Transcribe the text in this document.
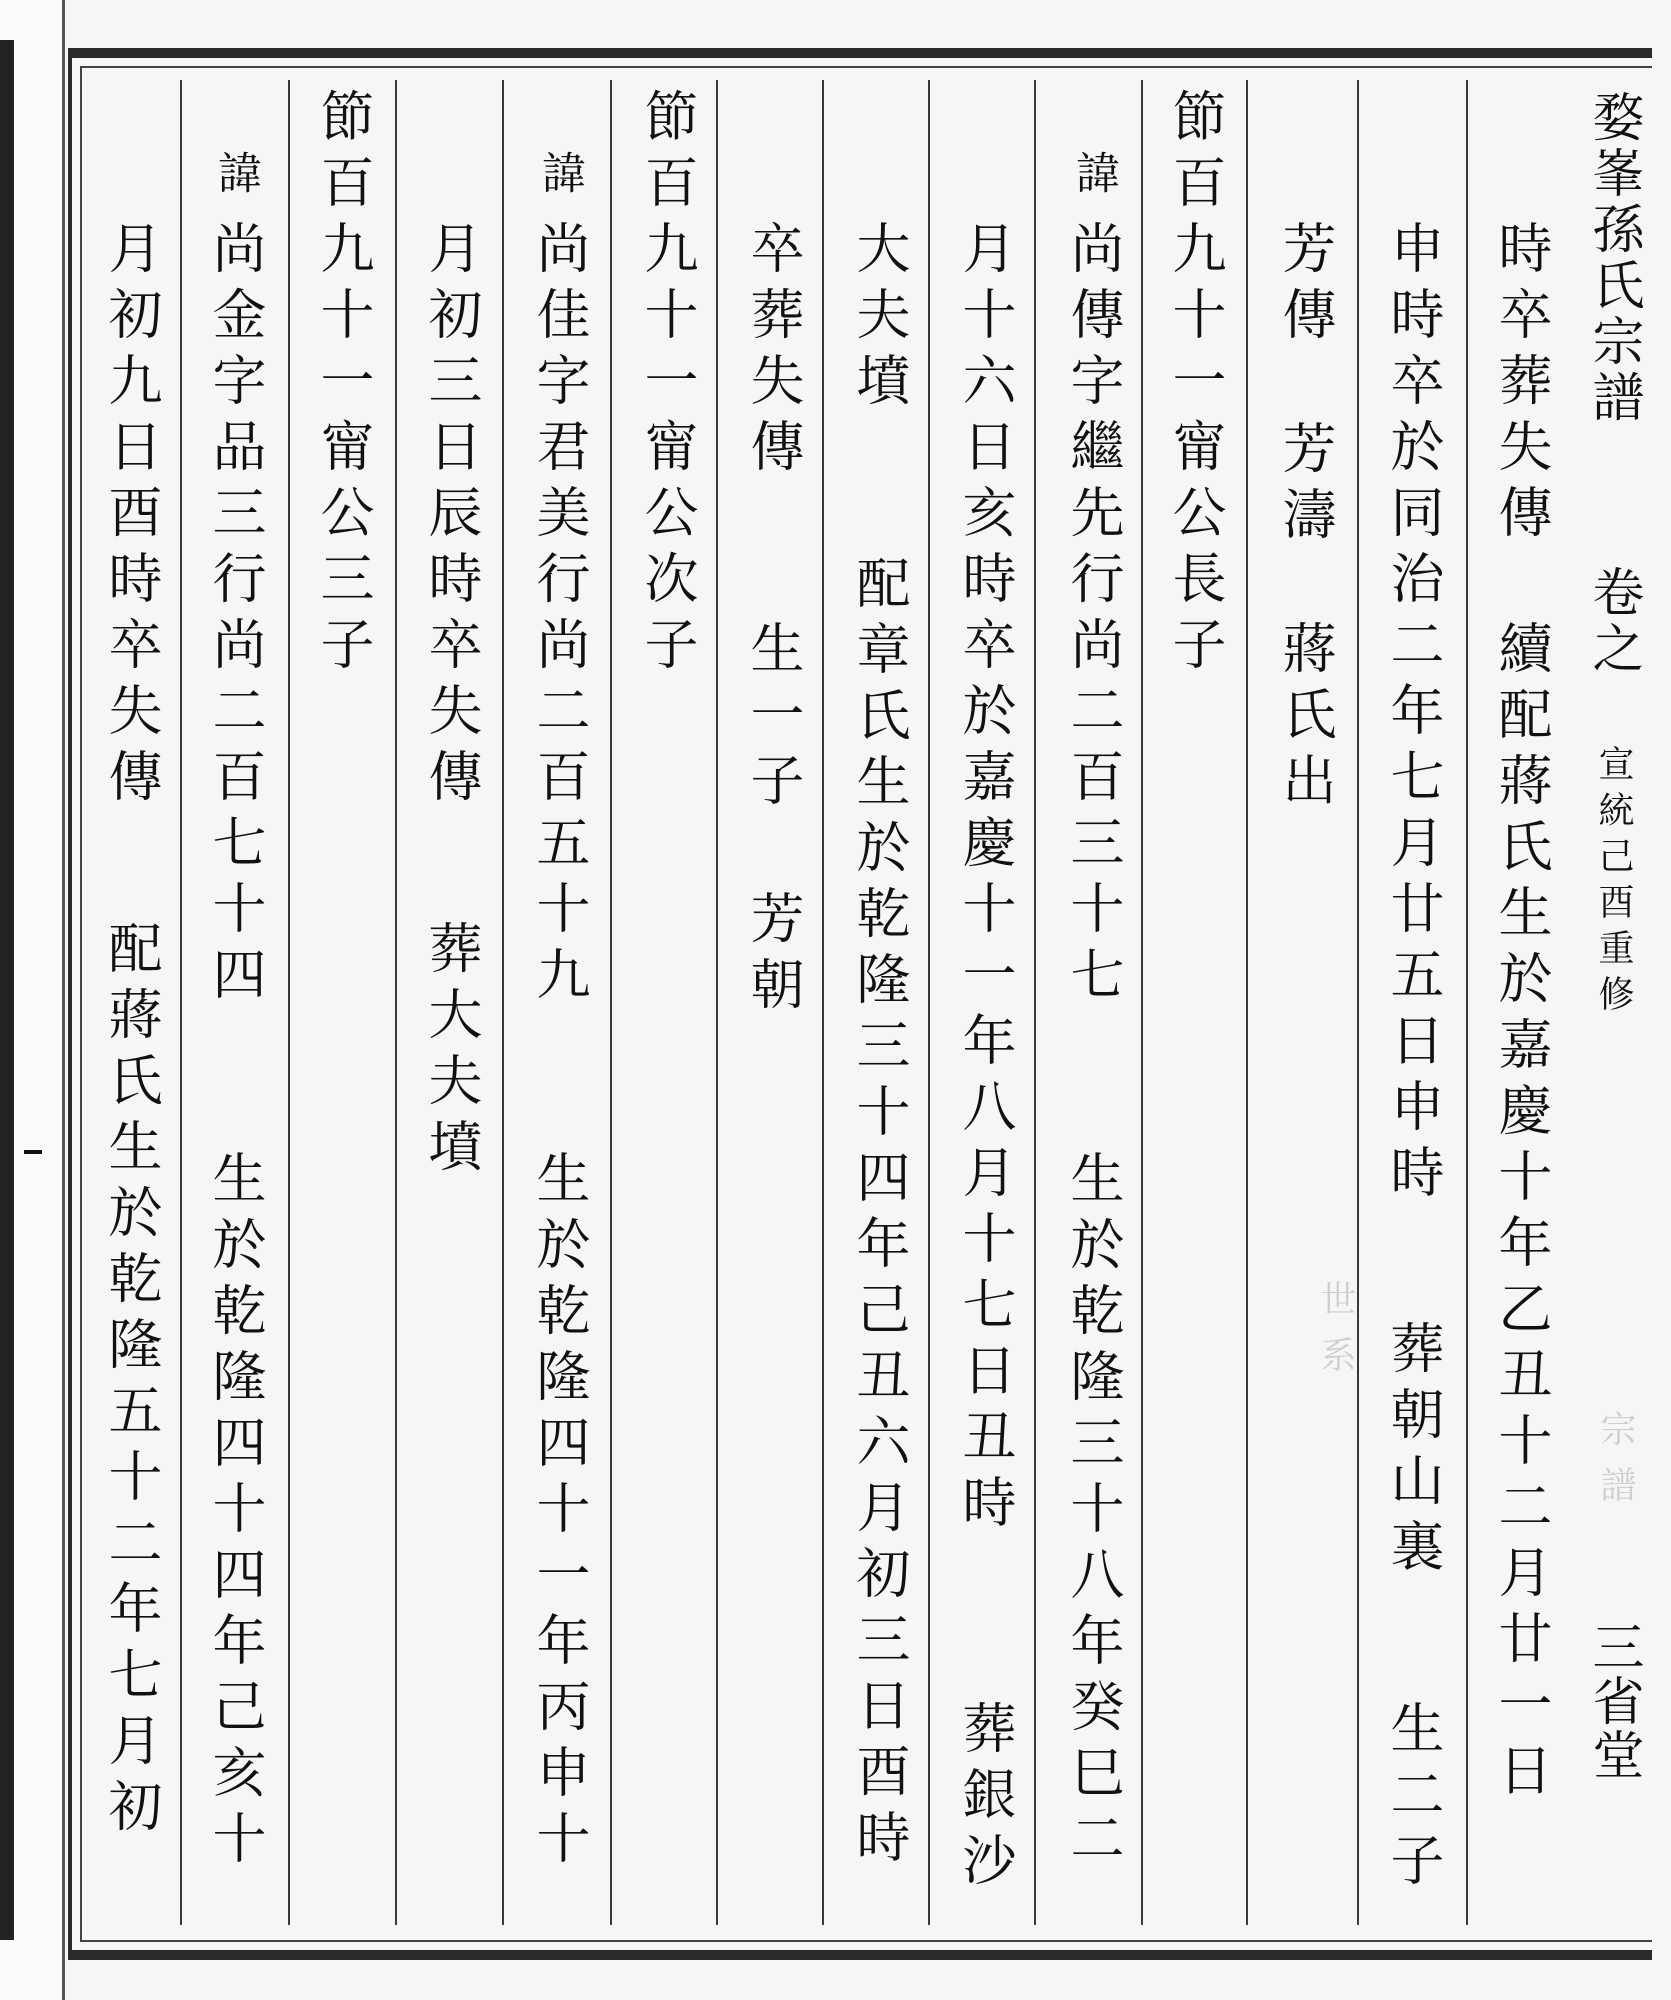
婺峯孫氏宗譜
卷之
宣統己酉重修
三省堂
時卒葬失傳
續配蔣氏生於嘉慶十年乙丑十二月廿一日
申時卒於同治二年七月廿五日申時
葬朝山裏
生二子
芳傳
芳濤
蔣氏出
節百九十一甯公長子
諱
尚傳字繼先行尚二百三十七
生於乾隆三十八年癸巳二
月十六日亥時卒於嘉慶十一年八月十七日丑時
葬銀沙
大夫墳
配章氏生於乾隆三十四年己丑六月初三日酉時
卒葬失傳
生一子
芳朝
節百九十一甯公次子
諱
尚佳字君美行尚二百五十九
生於乾隆四十一年丙申十
月初三日辰時卒失傳
葬大夫墳
節百九十一甯公三子
諱
尚金字品三行尚二百七十四
生於乾隆四十四年己亥十
月初九日酉時卒失傳
配蔣氏生於乾隆五十二年七月初	世系
宗譜
